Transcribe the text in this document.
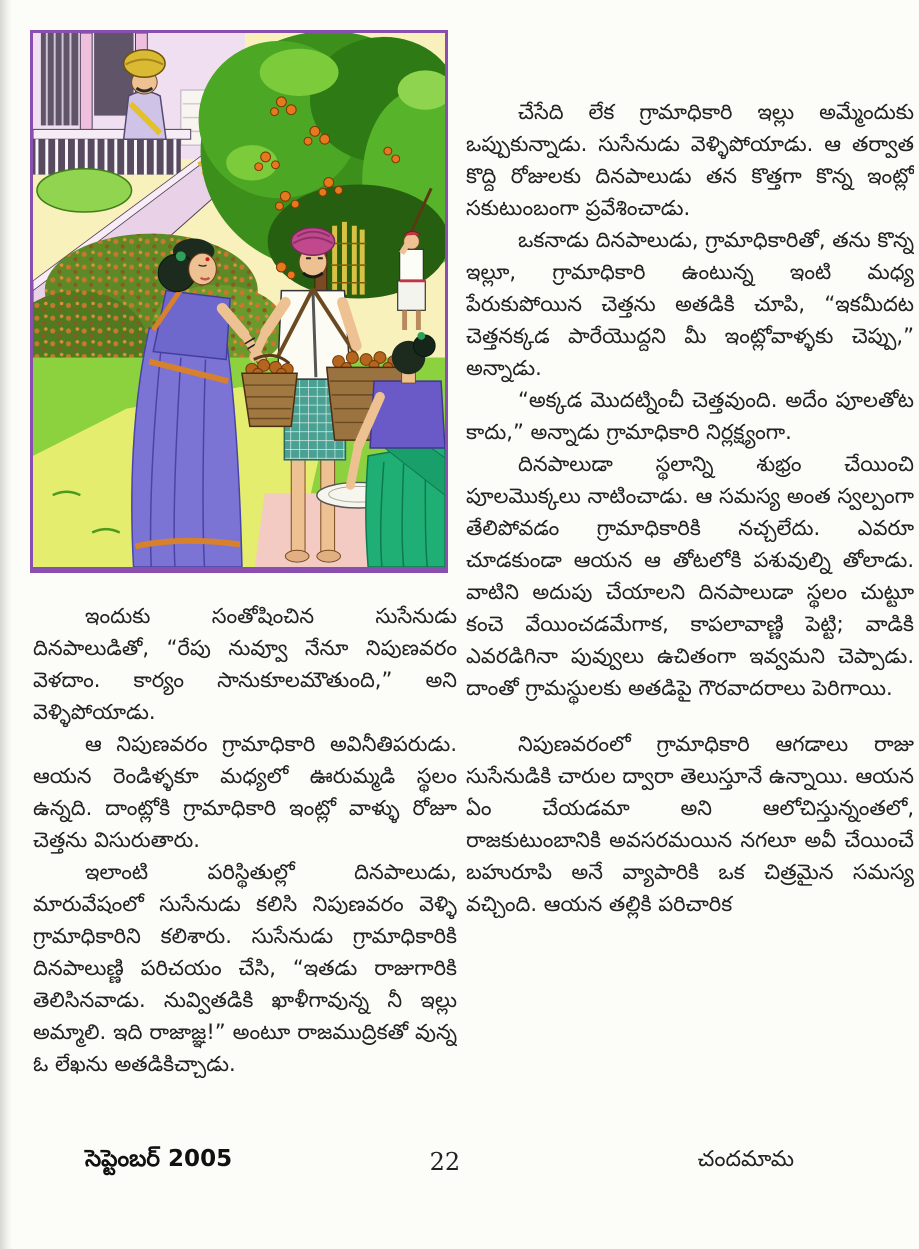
ఇందుకు సంతోషించిన సుసేనుడు దినపాలుడితో, “రేపు నువ్వూ నేనూ నిపుణవరం వెళదాం. కార్యం సానుకూలమౌతుంది,” అని వెళ్ళిపోయాడు.

ఆ నిపుణవరం గ్రామాధికారి అవినీతిపరుడు. ఆయన రెండిళ్ళకూ మధ్యలో ఊరుమ్మడి స్థలం ఉన్నది. దాంట్లోకి గ్రామాధికారి ఇంట్లో వాళ్ళు రోజూ చెత్తను విసురుతారు.

ఇలాంటి పరిస్థితుల్లో దినపాలుడు, మారువేషంలో సుసేనుడు కలిసి నిపుణవరం వెళ్ళి గ్రామాధికారిని కలిశారు. సుసేనుడు గ్రామాధికారికి దినపాలుణ్ణి పరిచయం చేసి, “ఇతడు రాజుగారికి తెలిసినవాడు. నువ్వితడికి ఖాళీగావున్న నీ ఇల్లు అమ్మాలి. ఇది రాజాజ్ఞ!” అంటూ రాజముద్రికతో వున్న ఓ లేఖను అతడికిచ్చాడు.

చేసేది లేక గ్రామాధికారి ఇల్లు అమ్మేందుకు ఒప్పుకున్నాడు. సుసేనుడు వెళ్ళిపోయాడు. ఆ తర్వాత కొద్ది రోజులకు దినపాలుడు తన కొత్తగా కొన్న ఇంట్లో సకుటుంబంగా ప్రవేశించాడు.

ఒకనాడు దినపాలుడు, గ్రామాధికారితో, తను కొన్న ఇల్లూ, గ్రామాధికారి ఉంటున్న ఇంటి మధ్య పేరుకుపోయిన చెత్తను అతడికి చూపి, “ఇకమీదట చెత్తనక్కడ పారేయొద్దని మీ ఇంట్లోవాళ్ళకు చెప్పు,” అన్నాడు.

“అక్కడ మొదట్నించీ చెత్తవుంది. అదేం పూలతోట కాదు,” అన్నాడు గ్రామాధికారి నిర్లక్ష్యంగా.

దినపాలుడా స్థలాన్ని శుభ్రం చేయించి పూలమొక్కలు నాటించాడు. ఆ సమస్య అంత స్వల్పంగా తేలిపోవడం గ్రామాధికారికి నచ్చలేదు. ఎవరూ చూడకుండా ఆయన ఆ తోటలోకి పశువుల్ని తోలాడు. వాటిని అదుపు చేయాలని దినపాలుడా స్థలం చుట్టూ కంచె వేయించడమేగాక, కాపలావాణ్ణి పెట్టి; వాడికి ఎవరడిగినా పువ్వులు ఉచితంగా ఇవ్వమని చెప్పాడు. దాంతో గ్రామస్థులకు అతడిపై గౌరవాదరాలు పెరిగాయి.

నిపుణవరంలో గ్రామాధికారి ఆగడాలు రాజు సుసేనుడికి చారుల ద్వారా తెలుస్తూనే ఉన్నాయి. ఆయన ఏం చేయడమా అని ఆలోచిస్తున్నంతలో, రాజకుటుంబానికి అవసరమయిన నగలూ అవీ చేయించే బహురూపి అనే వ్యాపారికి ఒక చిత్రమైన సమస్య వచ్చింది. ఆయన తల్లికి పరిచారిక

సెప్టెంబర్ 2005	22	చందమామ
